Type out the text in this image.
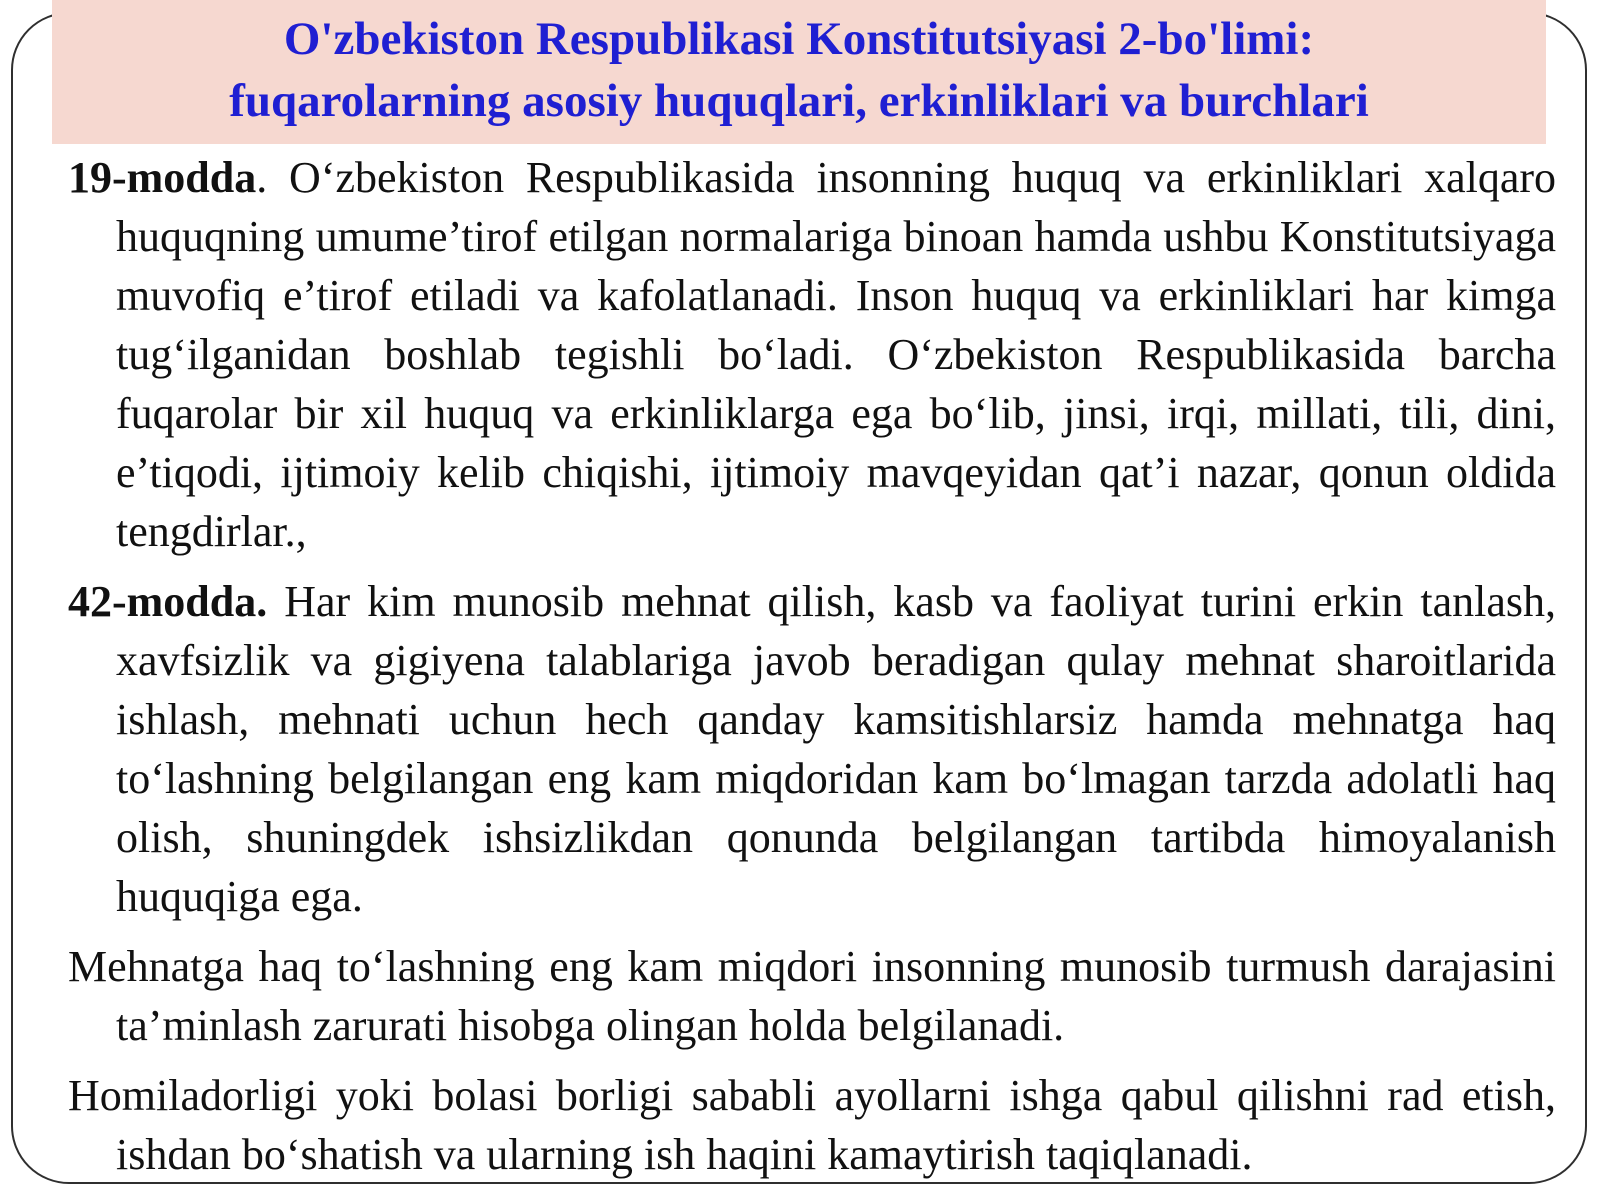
O'zbekiston Respublikasi Konstitutsiyasi 2-bo'limi:
fuqarolarning asosiy huquqlari, erkinliklari va burchlari

19-modda. O‘zbekiston Respublikasida insonning huquq va erkinliklari xalqaro huquqning umume’tirof etilgan normalariga binoan hamda ushbu Konstitutsiyaga muvofiq e’tirof etiladi va kafolatlanadi. Inson huquq va erkinliklari har kimga tug‘ilganidan boshlab tegishli bo‘ladi. O‘zbekiston Respublikasida barcha fuqarolar bir xil huquq va erkinliklarga ega bo‘lib, jinsi, irqi, millati, tili, dini, e’tiqodi, ijtimoiy kelib chiqishi, ijtimoiy mavqeyidan qat’i nazar, qonun oldida tengdirlar.,

42-modda. Har kim munosib mehnat qilish, kasb va faoliyat turini erkin tanlash, xavfsizlik va gigiyena talablariga javob beradigan qulay mehnat sharoitlarida ishlash, mehnati uchun hech qanday kamsitishlarsiz hamda mehnatga haq to‘lashning belgilangan eng kam miqdoridan kam bo‘lmagan tarzda adolatli haq olish, shuningdek ishsizlikdan qonunda belgilangan tartibda himoyalanish huquqiga ega.

Mehnatga haq to‘lashning eng kam miqdori insonning munosib turmush darajasini ta’minlash zarurati hisobga olingan holda belgilanadi.

Homiladorligi yoki bolasi borligi sababli ayollarni ishga qabul qilishni rad etish, ishdan bo‘shatish va ularning ish haqini kamaytirish taqiqlanadi.
